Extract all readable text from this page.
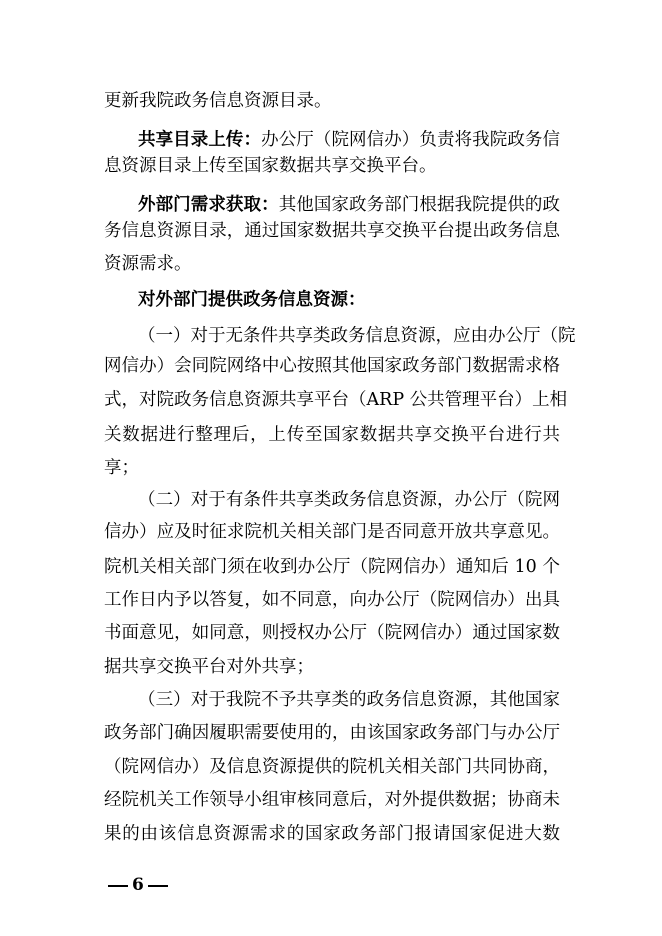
更新我院政务信息资源目录。
共享目录上传：办公厅（院网信办）负责将我院政务信
息资源目录上传至国家数据共享交换平台。
外部门需求获取：其他国家政务部门根据我院提供的政
务信息资源目录，通过国家数据共享交换平台提出政务信息
资源需求。
对外部门提供政务信息资源：
（一）对于无条件共享类政务信息资源，应由办公厅（院
网信办）会同院网络中心按照其他国家政务部门数据需求格
式，对院政务信息资源共享平台（ARP 公共管理平台）上相
关数据进行整理后，上传至国家数据共享交换平台进行共
享；
（二）对于有条件共享类政务信息资源，办公厅（院网
信办）应及时征求院机关相关部门是否同意开放共享意见。
院机关相关部门须在收到办公厅（院网信办）通知后 10 个
工作日内予以答复，如不同意，向办公厅（院网信办）出具
书面意见，如同意，则授权办公厅（院网信办）通过国家数
据共享交换平台对外共享；
（三）对于我院不予共享类的政务信息资源，其他国家
政务部门确因履职需要使用的，由该国家政务部门与办公厅
（院网信办）及信息资源提供的院机关相关部门共同协商，
经院机关工作领导小组审核同意后，对外提供数据；协商未
果的由该信息资源需求的国家政务部门报请国家促进大数
6
